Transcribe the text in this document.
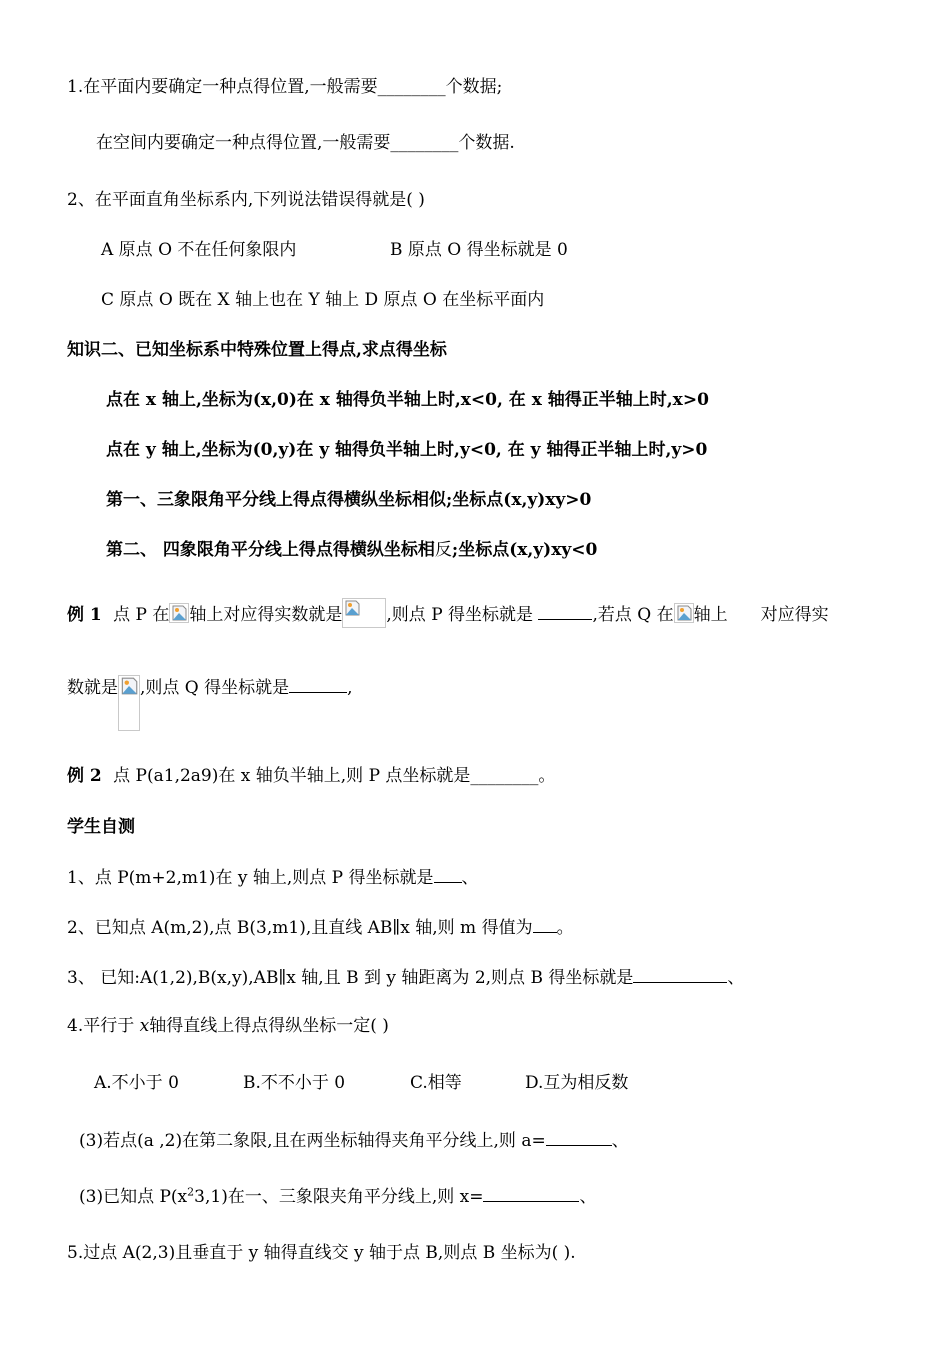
1.在平面内要确定一种点得位置,一般需要________个数据;
在空间内要确定一种点得位置,一般需要________个数据.
2、在平面直角坐标系内,下列说法错误得就是( )
A 原点 O 不在任何象限内	B 原点 O 得坐标就是 0
C 原点 O 既在 X 轴上也在 Y 轴上 D 原点 O 在坐标平面内
知识二、已知坐标系中特殊位置上得点,求点得坐标
点在 x 轴上,坐标为(x,0)在 x 轴得负半轴上时,x<0, 在 x 轴得正半轴上时,x>0
点在 y 轴上,坐标为(0,y)在 y 轴得负半轴上时,y<0, 在 y 轴得正半轴上时,y>0
第一、三象限角平分线上得点得横纵坐标相似;坐标点(x,y)xy>0
第二、 四象限角平分线上得点得横纵坐标相反;坐标点(x,y)xy<0
例 1 点 P 在 轴上对应得实数就是	,则点 P 得坐标就是	,若点 Q 在 轴上 对应得实
数就是 ,则点 Q 得坐标就是	,
例 2 点 P(a1,2a9)在 x 轴负半轴上,则 P 点坐标就是________。
学生自测
1、点 P(m+2,m1)在 y 轴上,则点 P 得坐标就是 、
2、已知点 A(m,2),点 B(3,m1),且直线 AB∥x 轴,则 m 得值为 。
3、 已知:A(1,2),B(x,y),AB∥x 轴,且 B 到 y 轴距离为 2,则点 B 得坐标就是	、
4.平行于 x轴得直线上得点得纵坐标一定( )
A.不小于 0	B.不不小于 0	C.相等	D.互为相反数
(3)若点(a ,2)在第二象限,且在两坐标轴得夹角平分线上,则 a=	、
(3)已知点 $P(x^23,1)$在一、三象限夹角平分线上,则 x=	、
5.过点 A(2,3)且垂直于 y 轴得直线交 y 轴于点 B,则点 B 坐标为( ).
